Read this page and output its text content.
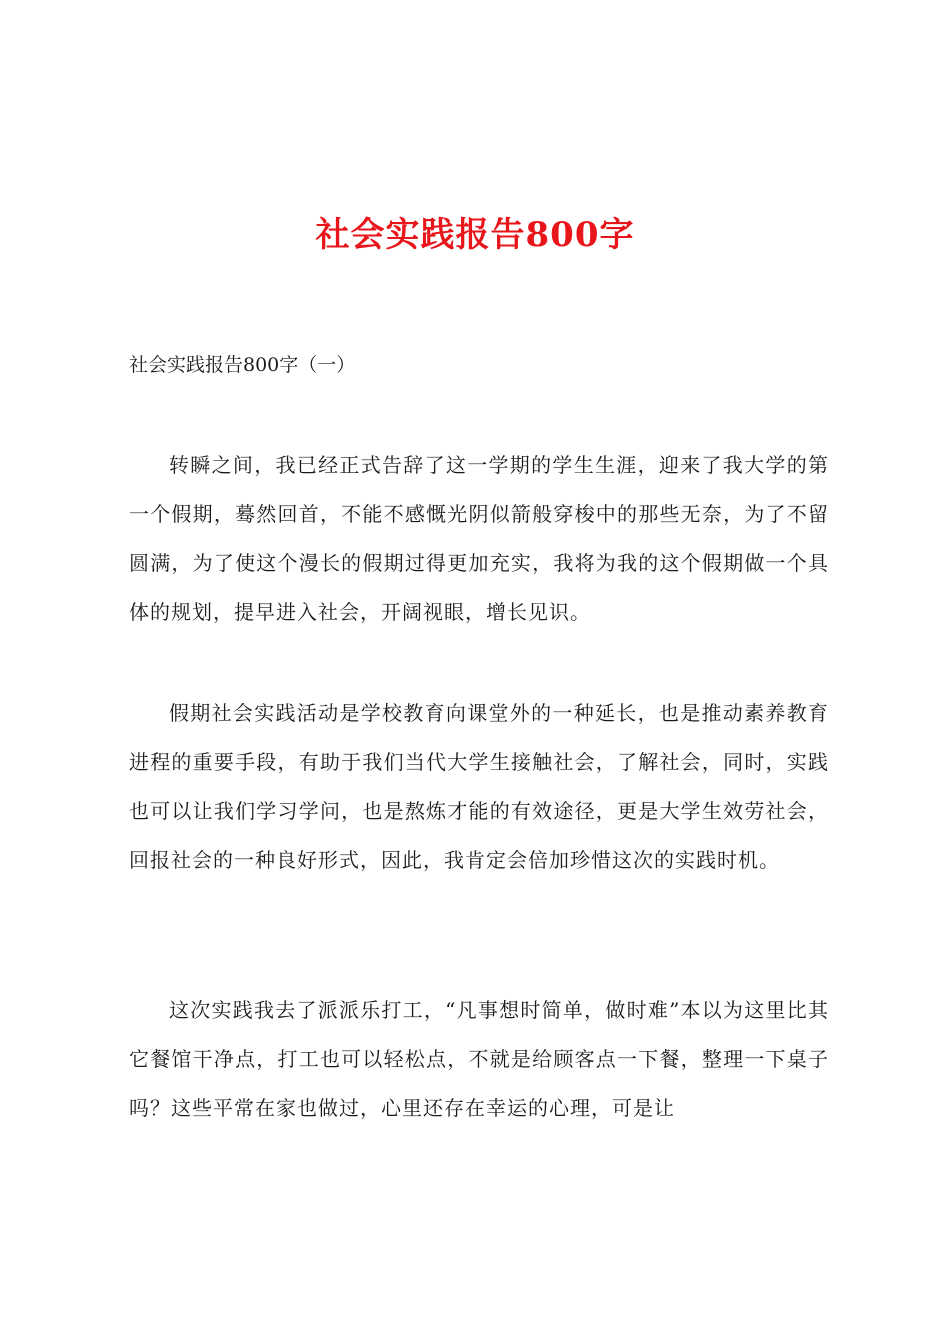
社会实践报告800字
社会实践报告800字（一）

转瞬之间，我已经正式告辞了这一学期的学生生涯，迎来了我大学的第一个假期，蓦然回首，不能不感慨光阴似箭般穿梭中的那些无奈，为了不留圆满，为了使这个漫长的假期过得更加充实，我将为我的这个假期做一个具体的规划，提早进入社会，开阔视眼，增长见识。

假期社会实践活动是学校教育向课堂外的一种延长，也是推动素养教育进程的重要手段，有助于我们当代大学生接触社会，了解社会，同时，实践也可以让我们学习学问，也是熬炼才能的有效途径，更是大学生效劳社会，回报社会的一种良好形式，因此，我肯定会倍加珍惜这次的实践时机。

这次实践我去了派派乐打工，“凡事想时简单，做时难”本以为这里比其它餐馆干净点，打工也可以轻松点，不就是给顾客点一下餐，整理一下桌子吗？这些平常在家也做过，心里还存在幸运的心理，可是让
